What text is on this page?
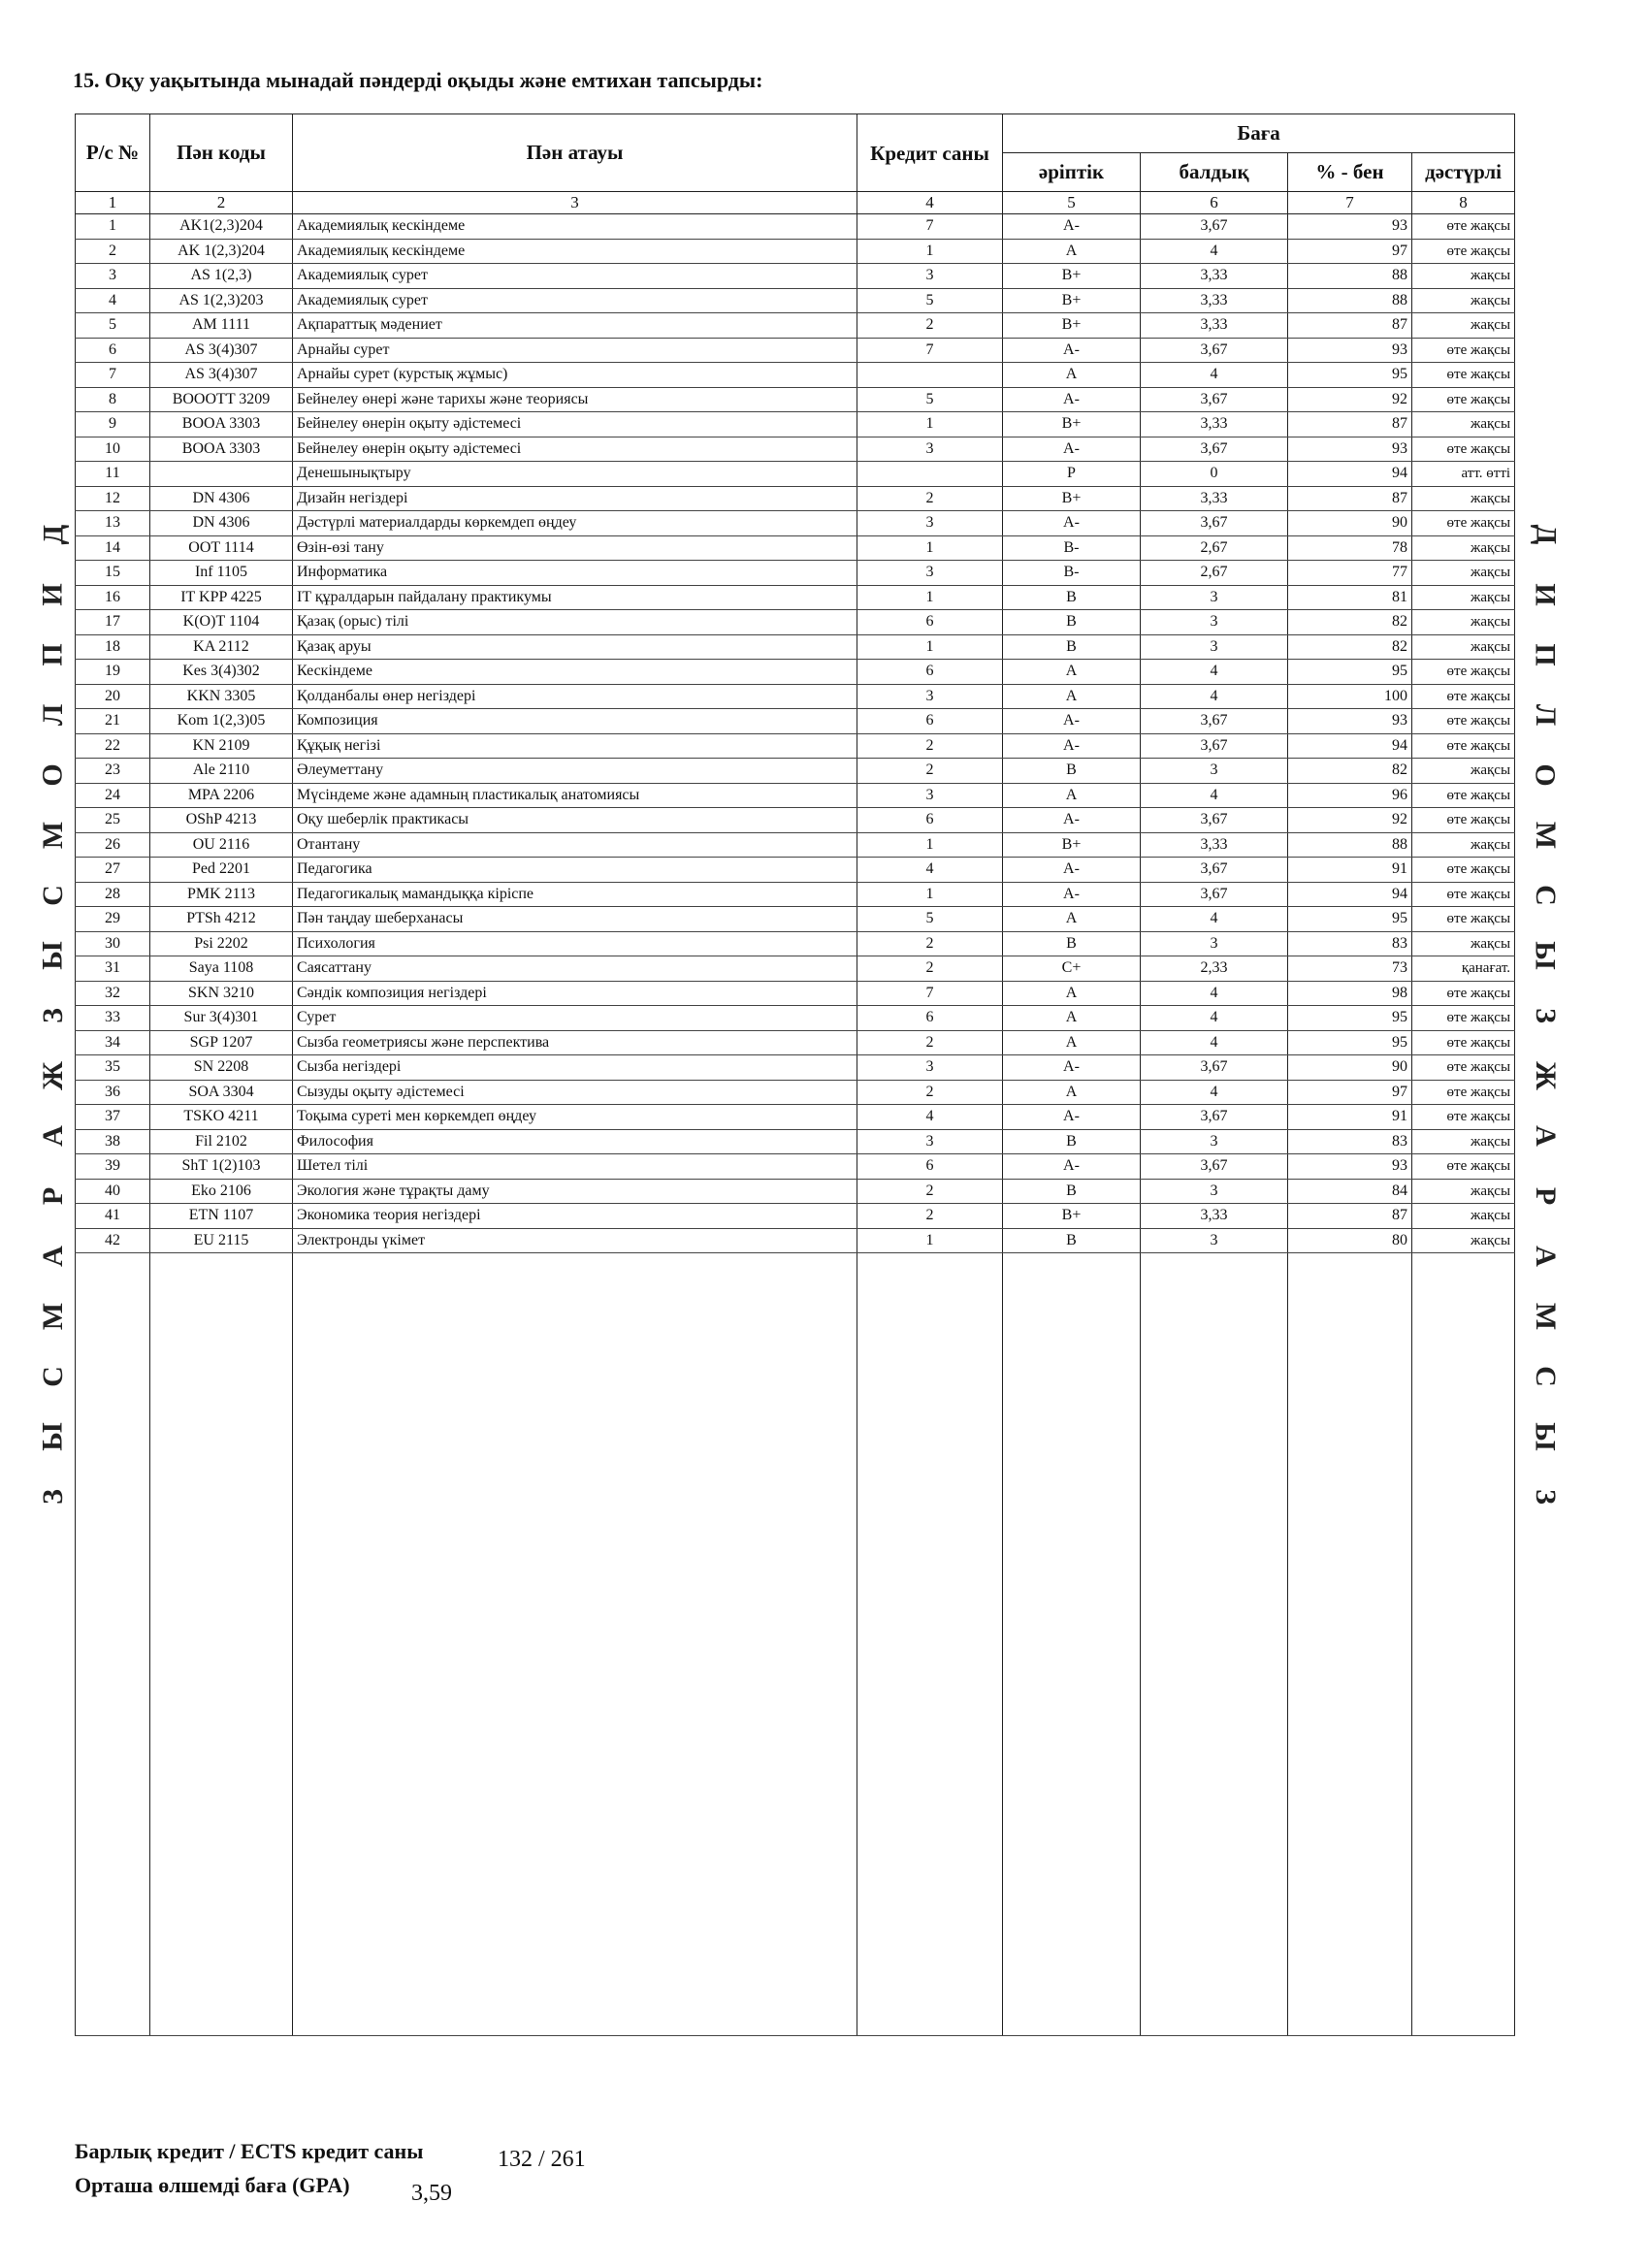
15. Оқу уақытында мынадай пәндерді оқыды және емтихан тапсырды:
Д
И
П
Л
О
М
С
Ы
З
Ж
А
Р
А
М
С
Ы
З
Д
И
П
Л
О
М
С
Ы
З
Ж
А
Р
А
М
С
Ы
З
Р/с №	Пән коды	Пән атауы	Кредит саны	Баға			
				әріптік	балдық	% - бен	дәстүрлі
1	2	3	4	5	6	7	8
1	AK1(2,3)204	Академиялық кескіндеме	7	A-	3,67	93	өте жақсы
2	AK 1(2,3)204	Академиялық кескіндеме	1	A	4	97	өте жақсы
3	AS 1(2,3)	Академиялық сурет	3	B+	3,33	88	жақсы
4	AS 1(2,3)203	Академиялық сурет	5	B+	3,33	88	жақсы
5	AM 1111	Ақпараттық мәдениет	2	B+	3,33	87	жақсы
6	AS 3(4)307	Арнайы сурет	7	A-	3,67	93	өте жақсы
7	AS 3(4)307	Арнайы сурет (курстық жұмыс)		A	4	95	өте жақсы
8	BOOOTT 3209	Бейнелеу өнері және тарихы және теориясы	5	A-	3,67	92	өте жақсы
9	BOOA 3303	Бейнелеу өнерін оқыту әдістемесі	1	B+	3,33	87	жақсы
10	BOOA 3303	Бейнелеу өнерін оқыту әдістемесі	3	A-	3,67	93	өте жақсы
11		Денешынықтыру		P	0	94	атт. өтті
12	DN 4306	Дизайн негіздері	2	B+	3,33	87	жақсы
13	DN 4306	Дәстүрлі материалдарды көркемдеп өңдеу	3	A-	3,67	90	өте жақсы
14	OOT 1114	Өзін-өзі тану	1	B-	2,67	78	жақсы
15	Inf 1105	Информатика	3	B-	2,67	77	жақсы
16	IT KPP 4225	IT құралдарын пайдалану практикумы	1	B	3	81	жақсы
17	K(O)T 1104	Қазақ (орыс) тілі	6	B	3	82	жақсы
18	KA 2112	Қазақ аруы	1	B	3	82	жақсы
19	Kes 3(4)302	Кескіндеме	6	A	4	95	өте жақсы
20	KKN 3305	Қолданбалы өнер негіздері	3	A	4	100	өте жақсы
21	Kom 1(2,3)05	Композиция	6	A-	3,67	93	өте жақсы
22	KN 2109	Құқық негізі	2	A-	3,67	94	өте жақсы
23	Ale 2110	Әлеуметтану	2	B	3	82	жақсы
24	MPA 2206	Мүсіндеме және адамның пластикалық анатомиясы	3	A	4	96	өте жақсы
25	OShP 4213	Оқу шеберлік практикасы	6	A-	3,67	92	өте жақсы
26	OU 2116	Отантану	1	B+	3,33	88	жақсы
27	Ped 2201	Педагогика	4	A-	3,67	91	өте жақсы
28	PMK 2113	Педагогикалық мамандыққа кіріспе	1	A-	3,67	94	өте жақсы
29	PTSh 4212	Пән таңдау шеберханасы	5	A	4	95	өте жақсы
30	Psi 2202	Психология	2	B	3	83	жақсы
31	Saya 1108	Саясаттану	2	C+	2,33	73	қанағат.
32	SKN 3210	Сәндік композиция негіздері	7	A	4	98	өте жақсы
33	Sur 3(4)301	Сурет	6	A	4	95	өте жақсы
34	SGP 1207	Сызба геометриясы және перспектива	2	A	4	95	өте жақсы
35	SN 2208	Сызба негіздері	3	A-	3,67	90	өте жақсы
36	SOA 3304	Сызуды оқыту әдістемесі	2	A	4	97	өте жақсы
37	TSKO 4211	Тоқыма суреті мен көркемдеп өңдеу	4	A-	3,67	91	өте жақсы
38	Fil 2102	Философия	3	B	3	83	жақсы
39	ShT 1(2)103	Шетел тілі	6	A-	3,67	93	өте жақсы
40	Eko 2106	Экология және тұрақты даму	2	B	3	84	жақсы
41	ETN 1107	Экономика теория негіздері	2	B+	3,33	87	жақсы
42	EU 2115	Электронды үкімет	1	B	3	80	жақсы

Барлық кредит / ECTS кредит саны	132 / 261
Орташа өлшемді баға (GPA)	3,59
